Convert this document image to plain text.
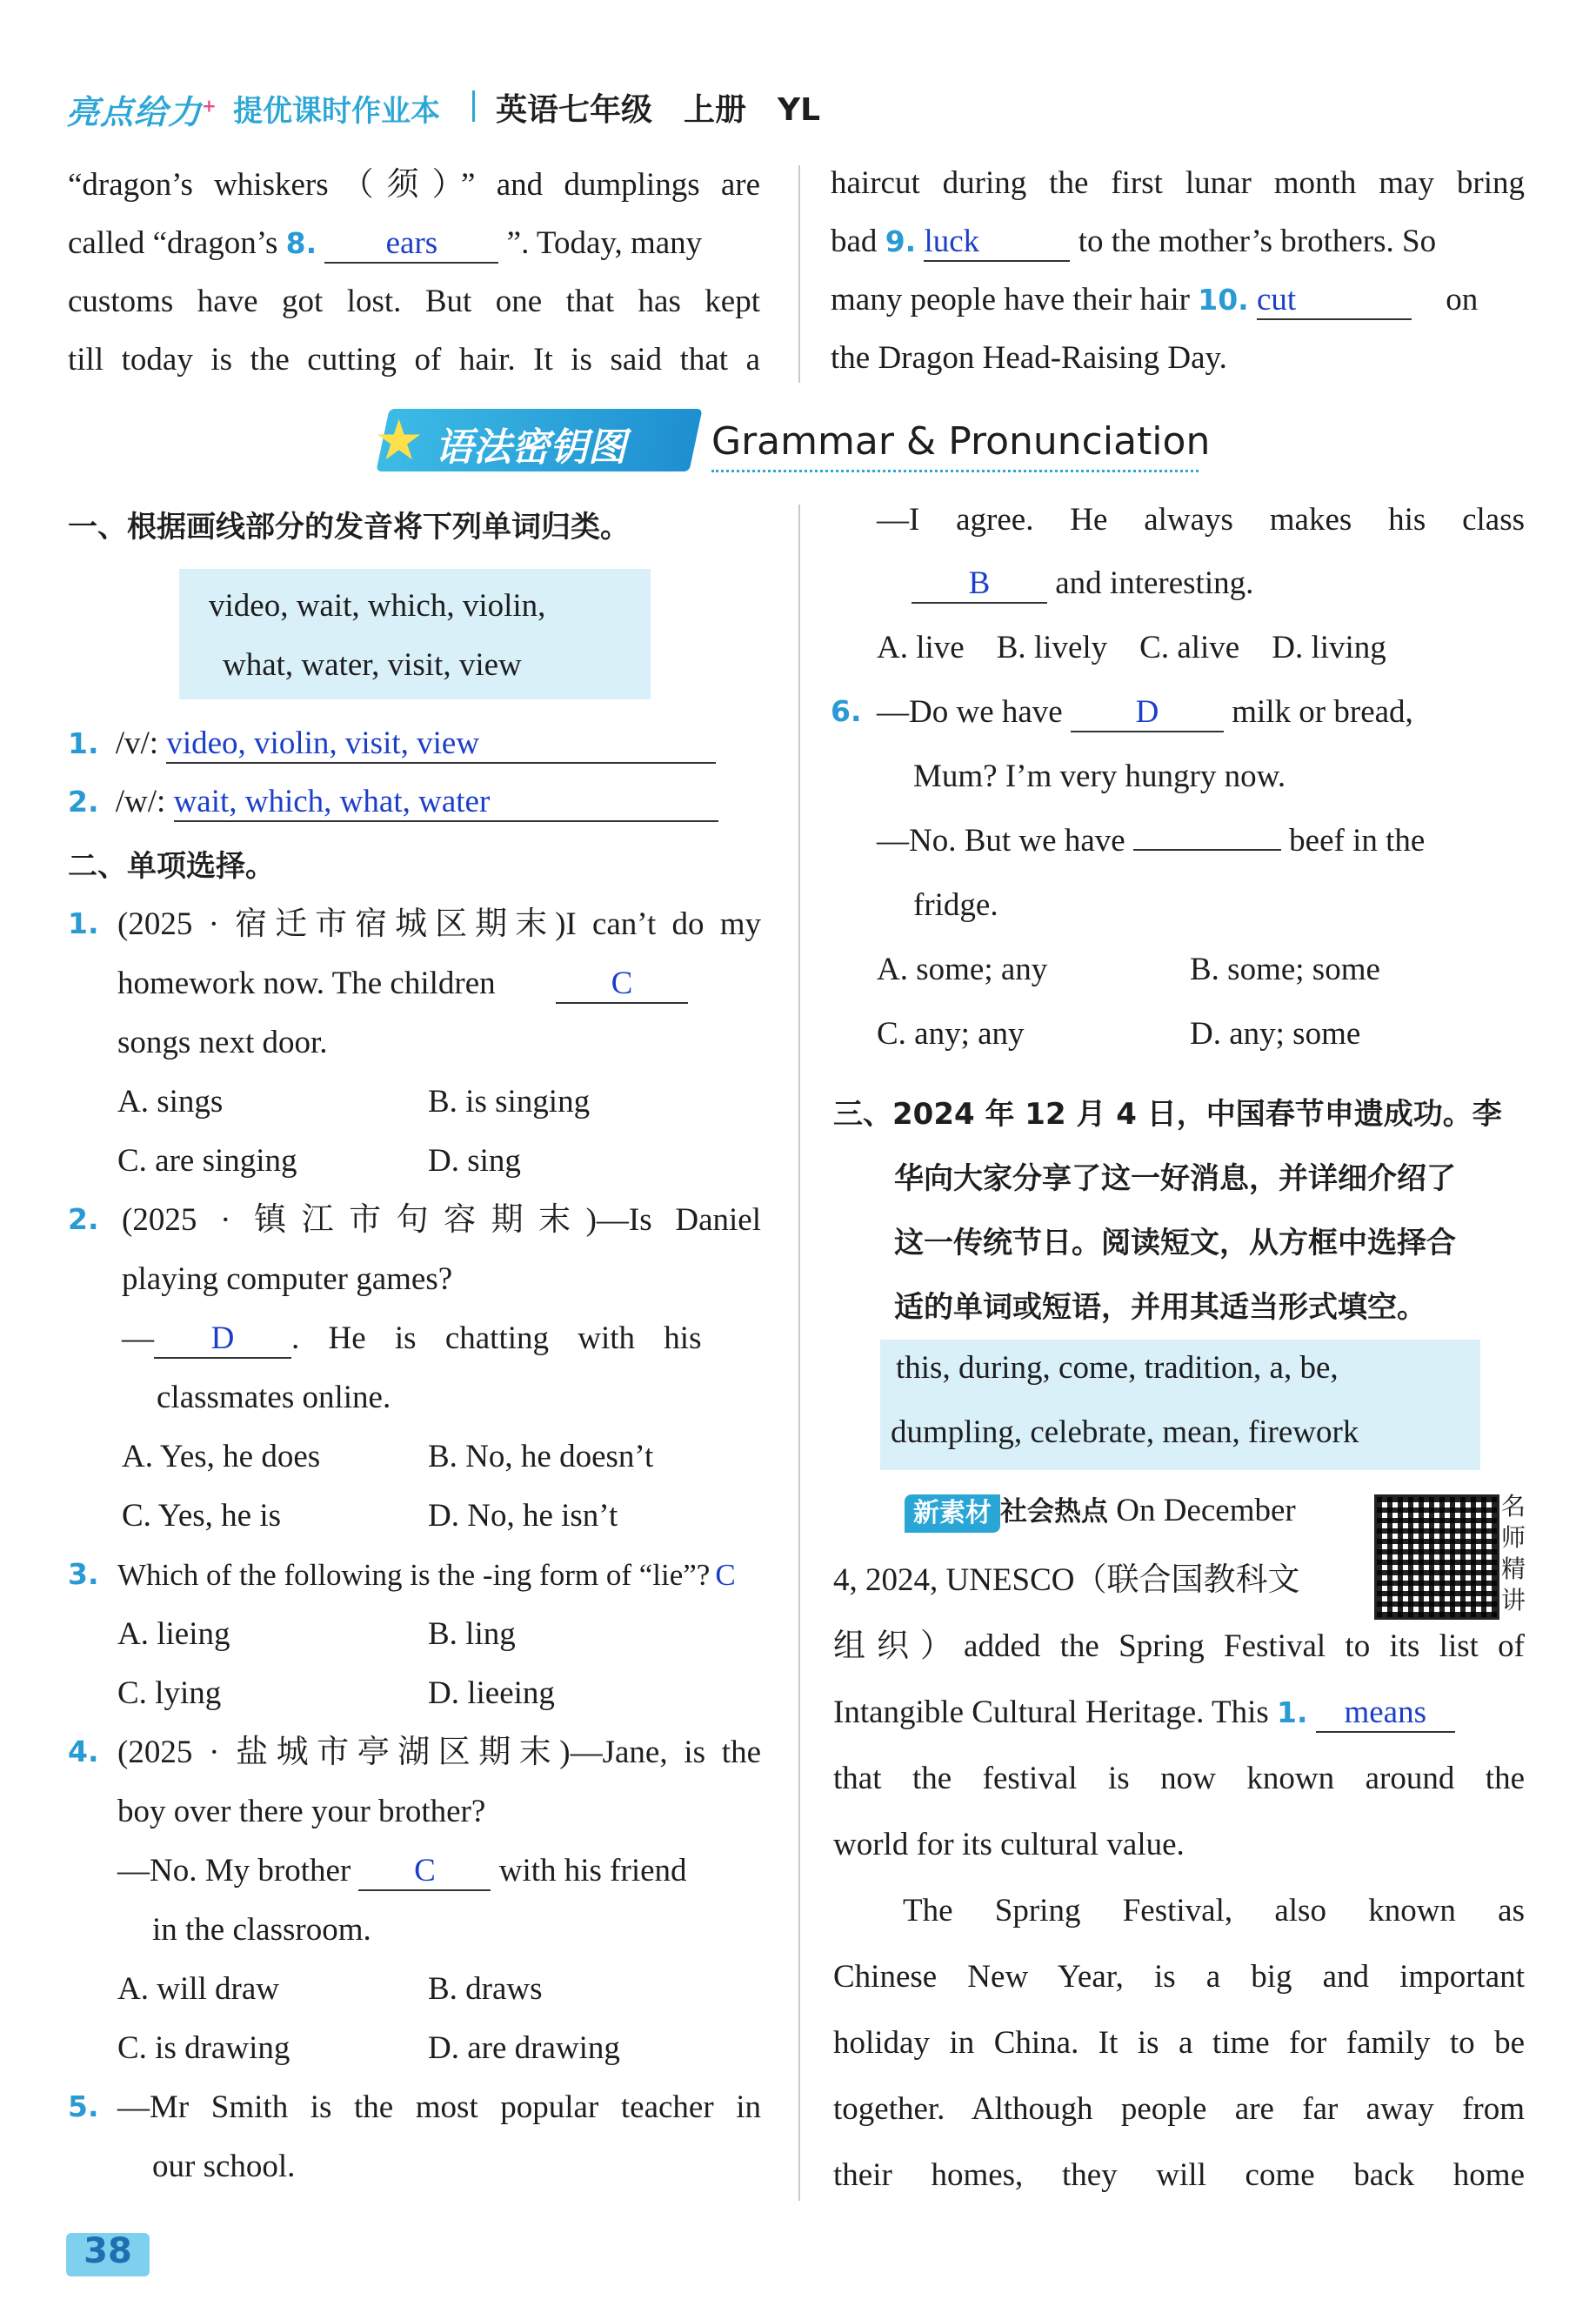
亮点给力+ 提优课时作业本 英语七年级　上册　YL
“dragon’s whiskers（须）” and dumplings are
called “dragon’s 8. ears ”. Today, many
customs have got lost. But one that has kept
till today is the cutting of hair. It is said that a
haircut during the first lunar month may bring
bad 9. luck	to the mother’s brothers. So
many people have their hair 10. cut	on
the Dragon Head-Raising Day.
★ 语法密钥图 Grammar & Pronunciation
一、根据画线部分的发音将下列单词归类。
video, wait, which, violin,
what, water, visit, view
1. /v/: video, violin, visit, view
2. /w/: wait, which, what, water
二、单项选择。
1. (2025 · 宿迁市宿城区期末)I can’t do my
homework now. The children	C
songs next door.
A. sings	B. is singing
C. are singing	D. sing
2. (2025 · 镇江市句容期末)—Is Daniel
playing computer games?
— D . He is chatting with his
classmates online.
A. Yes, he does	B. No, he doesn’t
C. Yes, he is	D. No, he isn’t
3. Which of the following is the -ing form of “lie”? C
A. lieing	B. ling
C. lying	D. lieeing
4. (2025 · 盐城市亭湖区期末)—Jane, is the
boy over there your brother?
—No. My brother C with his friend
in the classroom.
A. will draw	B. draws
C. is drawing	D. are drawing
5. —Mr Smith is the most popular teacher in
our school.
—I agree. He always makes his class
B and interesting.
A. live　B. lively　C. alive　D. living
6. —Do we have D milk or bread,
Mum? I’m very hungry now.
—No. But we have	beef in the
fridge.
A. some; any	B. some; some
C. any; any	D. any; some
三、2024 年 12 月 4 日，中国春节申遗成功。李
华向大家分享了这一好消息，并详细介绍了
这一传统节日。阅读短文，从方框中选择合
适的单词或短语，并用其适当形式填空。
this, during, come, tradition, a, be,
dumpling, celebrate, mean, firework
新素材 社会热点 On December	名师精讲
4, 2024, UNESCO（联合国教科文
组织）added the Spring Festival to its list of
Intangible Cultural Heritage. This 1. means
that the festival is now known around the
world for its cultural value.
The Spring Festival, also known as
Chinese New Year, is a big and important
holiday in China. It is a time for family to be
together. Although people are far away from
their homes, they will come back home
38
